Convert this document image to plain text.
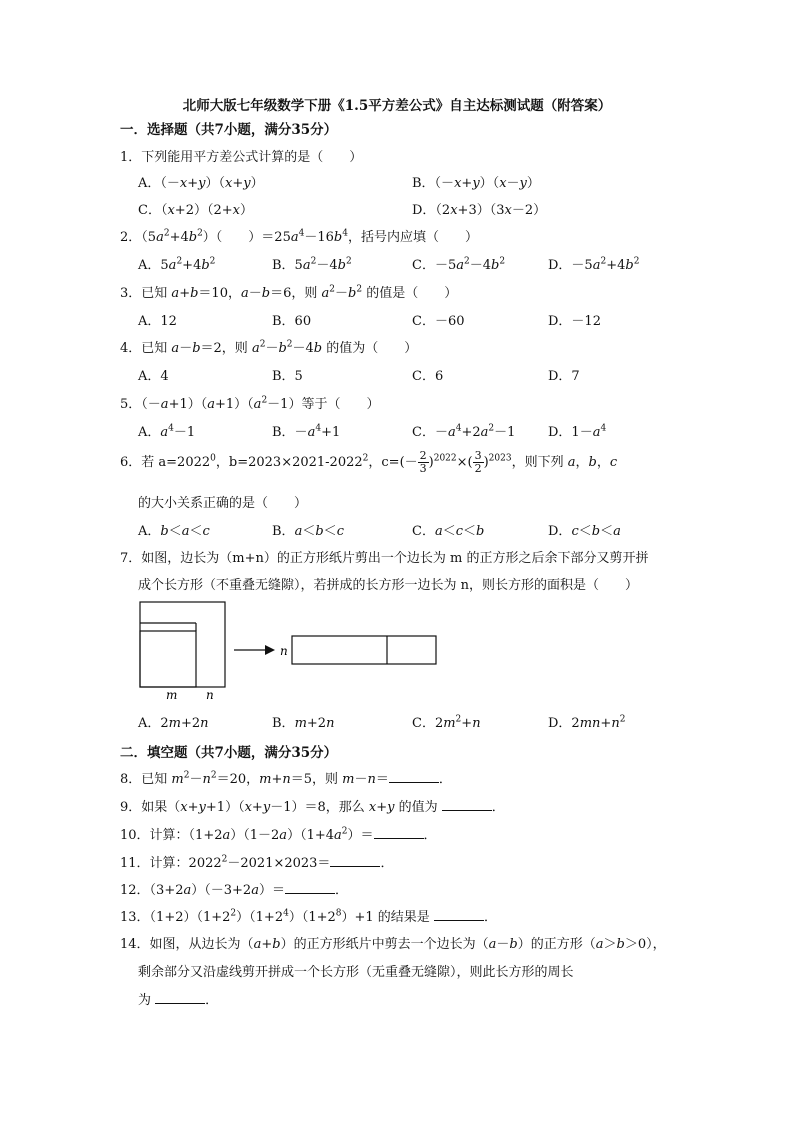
北师大版七年级数学下册《1.5平方差公式》自主达标测试题（附答案）
一．选择题（共7小题，满分35分）
1．下列能用平方差公式计算的是（　　）
A．（－x+y）（x+y）	B．（－x+y）（x－y）
C．（x+2）（2+x）	D．（2x+3）（3x－2）
2．$(5a^2+4b^2)$（　　）$=25a^4-16b^4$，括号内应填（　　）
A．$5a^2+4b^2$	B．$5a^2-4b^2$	C．$-5a^2-4b^2$	D．$-5a^2+4b^2$
3．已知 a+b＝10，a－b＝6，则 $a^2-b^2$ 的值是（　　）
A．12	B．60	C．－60	D．－12
4．已知 a－b＝2，则 $a^2-b^2-4b$ 的值为（　　）
A．4	B．5	C．6	D．7
5．$(-a+1)(a+1)(a^2-1)$等于（　　）
A．$a^4-1$	B．$-a^4+1$	C．$-a^4+2a^2-1$	D．$1-a^4$
6．若 $a=2022^0$，$b=2023\times 2021-2022^2$，$c=(- \frac{2}{3} )^{2022}\times( \frac{3}{2} )^{2023}$，则下列 a，b，c
的大小关系正确的是（　　）
A．b＜a＜c	B．a＜b＜c	C．a＜c＜b	D．c＜b＜a
7．如图，边长为（m+n）的正方形纸片剪出一个边长为 m 的正方形之后余下部分又剪开拼
成个长方形（不重叠无缝隙），若拼成的长方形一边长为 n，则长方形的面积是（　　）
m n
n
A．2m+2n	B．m+2n	C．$2m^2+n$	D．$2mn+n^2$
二．填空题（共7小题，满分35分）
8．已知 $m^2-n^2=20$，m+n＝5，则 m－n＝	．
9．如果（x+y+1）（x+y－1）＝8，那么 x+y 的值为	．
10．计算：$(1+2a)(1-2a)(1+4a^2)=$	．
11．计算：$2022^2-2021\times 2023=$	．
12．（3+2a）（－3+2a）＝	．
13．$(1+2)(1+2^2)(1+2^4)(1+2^8)+1$ 的结果是	．
14．如图，从边长为（a+b）的正方形纸片中剪去一个边长为（a－b）的正方形（a＞b＞0），
剩余部分又沿虚线剪开拼成一个长方形（无重叠无缝隙），则此长方形的周长
为	．
